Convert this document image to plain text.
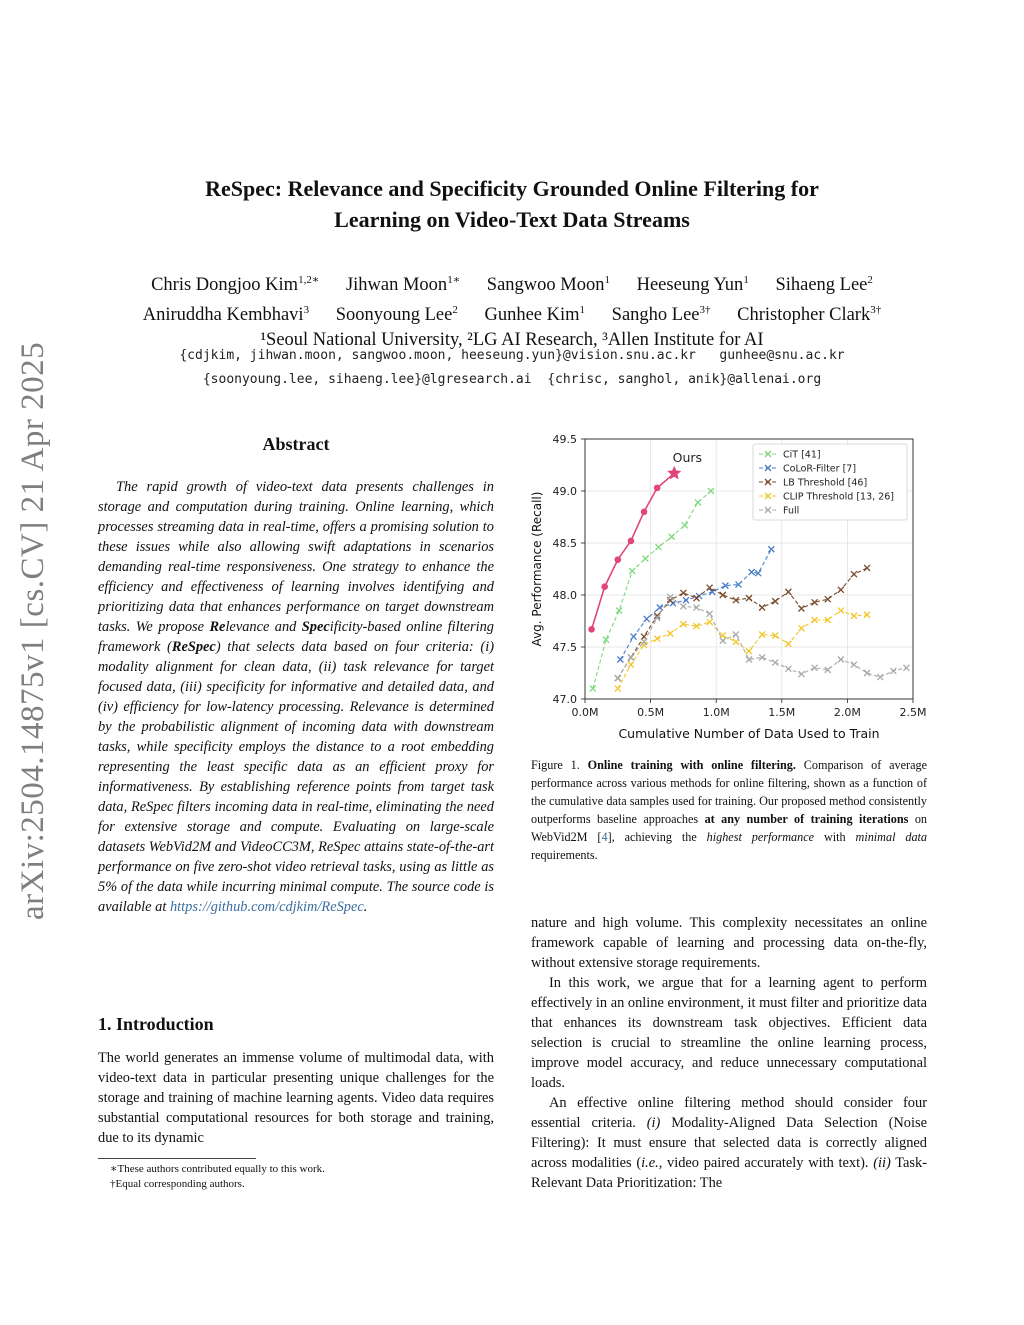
arXiv:2504.14875v1 [cs.CV] 21 Apr 2025
ReSpec: Relevance and Specificity Grounded Online Filtering for
Learning on Video-Text Data Streams
Chris Dongjoo Kim$^{1,2∗}$ Jihwan Moon$^{1∗}$ Sangwoo Moon$^1$ Heeseung Yun$^1$ Sihaeng Lee$^2$
Aniruddha Kembhavi$^3$ Soonyoung Lee$^2$ Gunhee Kim$^1$ Sangho Lee$^{3\dagger}$ Christopher Clark$^{3\dagger}$
¹Seoul National University, ²LG AI Research, ³Allen Institute for AI
{cdjkim, jihwan.moon, sangwoo.moon, heeseung.yun}@vision.snu.ac.kr   gunhee@snu.ac.kr
{soonyoung.lee, sihaeng.lee}@lgresearch.ai  {chrisc, sanghol, anik}@allenai.org
Abstract
The rapid growth of video-text data presents challenges in storage and computation during training. Online learning, which processes streaming data in real-time, offers a promising solution to these issues while also allowing swift adaptations in scenarios demanding real-time responsiveness. One strategy to enhance the efficiency and effectiveness of learning involves identifying and prioritizing data that enhances performance on target downstream tasks. We propose Relevance and Specificity-based online filtering framework (ReSpec) that selects data based on four criteria: (i) modality alignment for clean data, (ii) task relevance for target focused data, (iii) specificity for informative and detailed data, and (iv) efficiency for low-latency processing. Relevance is determined by the probabilistic alignment of incoming data with downstream tasks, while specificity employs the distance to a root embedding representing the least specific data as an efficient proxy for informativeness. By establishing reference points from target task data, ReSpec filters incoming data in real-time, eliminating the need for extensive storage and compute. Evaluating on large-scale datasets WebVid2M and VideoCC3M, ReSpec attains state-of-the-art performance on five zero-shot video retrieval tasks, using as little as 5% of the data while incurring minimal compute. The source code is available at https://github.com/cdjkim/ReSpec.
1. Introduction
The world generates an immense volume of multimodal data, with video-text data in particular presenting unique challenges for the storage and training of machine learning agents. Video data requires substantial computational resources for both storage and training, due to its dynamic
∗These authors contributed equally to this work.
†Equal corresponding authors.
0.0M	0.5M	1.0M	1.5M	2.0M	2.5M
47.0
47.5
48.0
48.5
49.0
49.5
Cumulative Number of Data Used to Train
Avg. Performance (Recall)
Ours	CiT [41]
CoLoR-Filter [7]
LB Threshold [46]
CLIP Threshold [13, 26]
Full
Figure 1. Online training with online filtering. Comparison of average performance across various methods for online filtering, shown as a function of the cumulative data samples used for training. Our proposed method consistently outperforms baseline approaches at any number of training iterations on WebVid2M [4], achieving the highest performance with minimal data requirements.

nature and high volume. This complexity necessitates an online framework capable of learning and processing data on-the-fly, without extensive storage requirements.

In this work, we argue that for a learning agent to perform effectively in an online environment, it must filter and prioritize data that enhances its downstream task objectives. Efficient data selection is crucial to streamline the online learning process, improve model accuracy, and reduce unnecessary computational loads.

An effective online filtering method should consider four essential criteria. (i) Modality-Aligned Data Selection (Noise Filtering): It must ensure that selected data is correctly aligned across modalities (i.e., video paired accurately with text). (ii) Task-Relevant Data Prioritization: The
